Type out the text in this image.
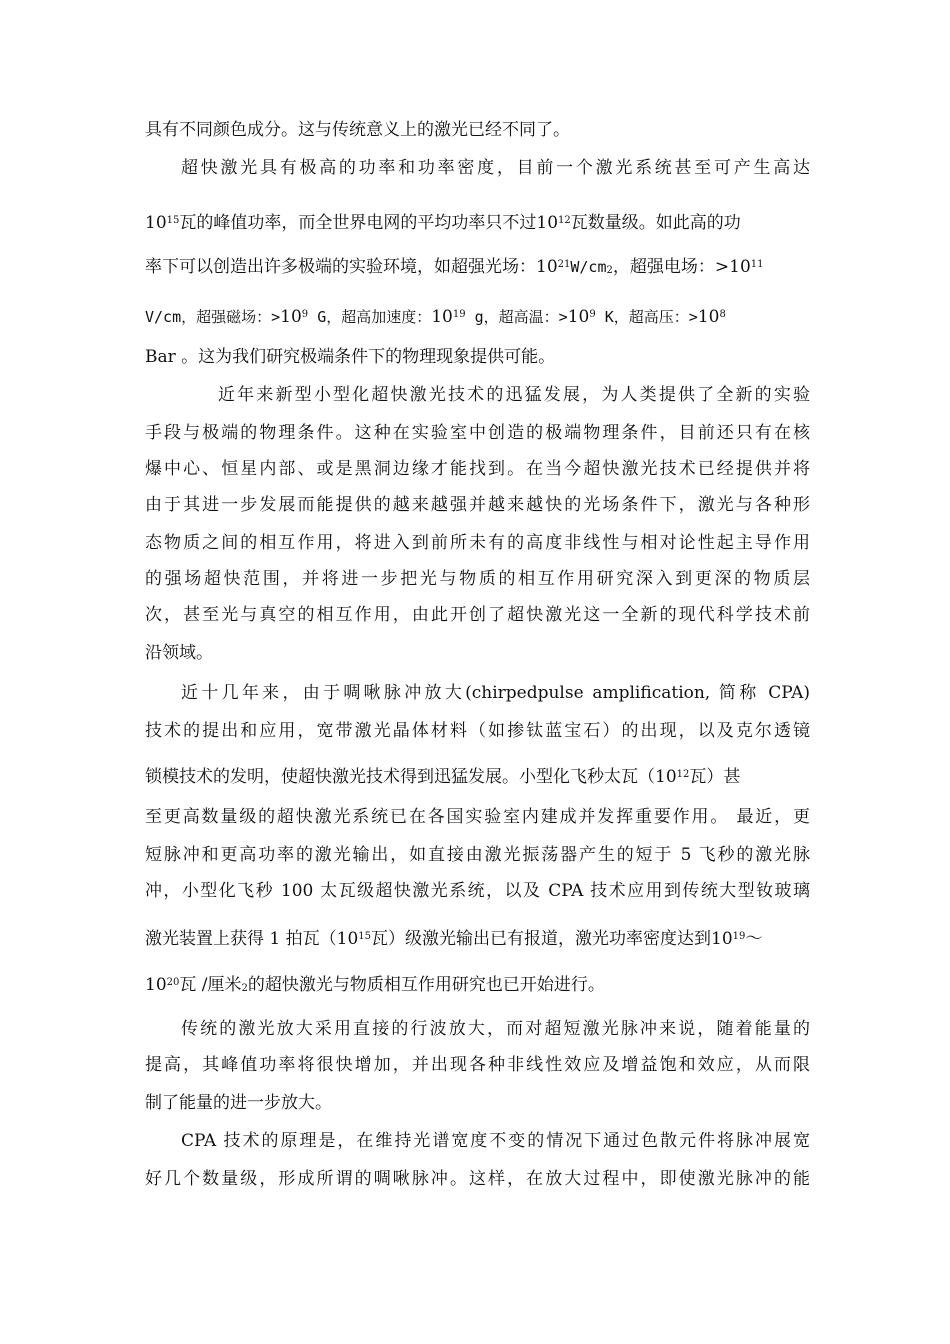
具有不同颜色成分。这与传统意义上的激光已经不同了。
超快激光具有极高的功率和功率密度，目前一个激光系统甚至可产生高达
$10^{15}$瓦的峰值功率，而全世界电网的平均功率只不过$10^{12}$瓦数量级。如此高的功
率下可以创造出许多极端的实验环境，如超强光场：$10^{21}W/cm_2$，超强电场：$>10^{11}$
V/cm，超强磁场：$>10^9$ G，超高加速度：$10^{19}$ g，超高温：$>10^9$ K，超高压：$>10^8$
Bar 。这为我们研究极端条件下的物理现象提供可能。
近年来新型小型化超快激光技术的迅猛发展，为人类提供了全新的实验
手段与极端的物理条件。这种在实验室中创造的极端物理条件，目前还只有在核
爆中心、恒星内部、或是黑洞边缘才能找到。在当今超快激光技术已经提供并将
由于其进一步发展而能提供的越来越强并越来越快的光场条件下，激光与各种形
态物质之间的相互作用，将进入到前所未有的高度非线性与相对论性起主导作用
的强场超快范围，并将进一步把光与物质的相互作用研究深入到更深的物质层
次，甚至光与真空的相互作用，由此开创了超快激光这一全新的现代科学技术前
沿领域。
近十几年来，由于啁啾脉冲放大(chirpedpulse amplification, 简称 CPA)
技术的提出和应用，宽带激光晶体材料（如掺钛蓝宝石）的出现，以及克尔透镜
锁模技术的发明，使超快激光技术得到迅猛发展。小型化飞秒太瓦（$10^{12}$瓦）甚
至更高数量级的超快激光系统已在各国实验室内建成并发挥重要作用。 最近，更
短脉冲和更高功率的激光输出，如直接由激光振荡器产生的短于 5 飞秒的激光脉
冲，小型化飞秒 100 太瓦级超快激光系统，以及 CPA 技术应用到传统大型钕玻璃
激光装置上获得 1 拍瓦（$10^{15}$瓦）级激光输出已有报道，激光功率密度达到$10^{19}\sim$
$10^{20}$瓦 /厘米$_2$的超快激光与物质相互作用研究也已开始进行。
传统的激光放大采用直接的行波放大，而对超短激光脉冲来说，随着能量的
提高，其峰值功率将很快增加，并出现各种非线性效应及增益饱和效应，从而限
制了能量的进一步放大。
CPA 技术的原理是，在维持光谱宽度不变的情况下通过色散元件将脉冲展宽
好几个数量级，形成所谓的啁啾脉冲。这样，在放大过程中，即使激光脉冲的能
